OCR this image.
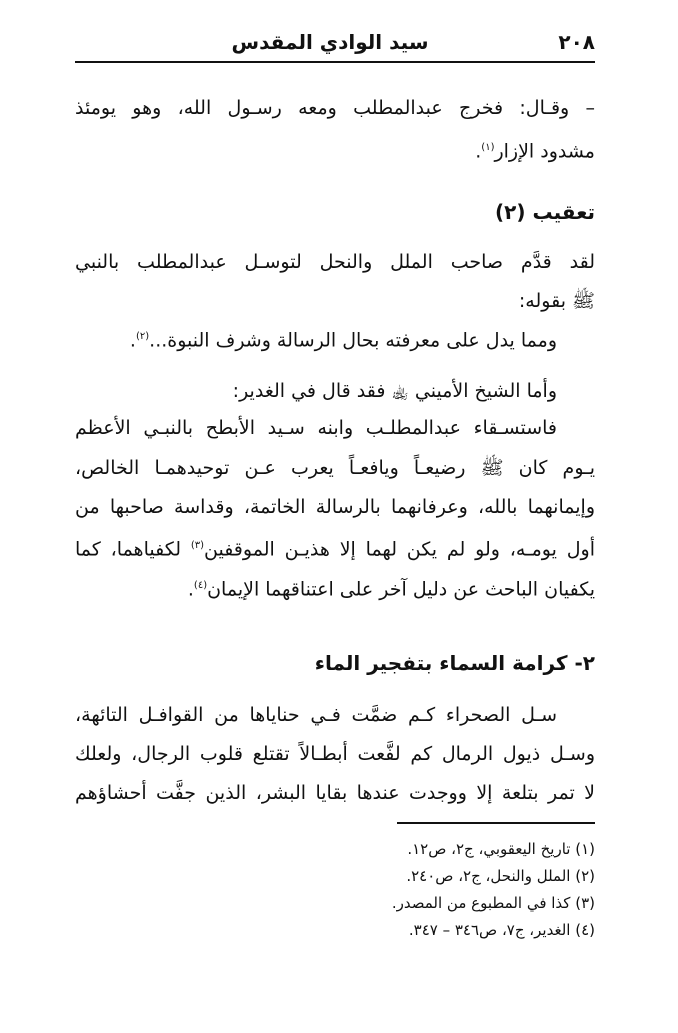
٢٠٨
سيد الوادي المقدس
– وقـال: فخرج عبدالمطلب ومعه رسـول الله، وهو يومئذ
مشدود الإزار$^{(١)}$.
تعقيب (٢)
لقد قدَّم صاحب الملل والنحل لتوسـل عبدالمطلب بالنبي
ﷺ بقوله:
ومما يدل على معرفته بحال الرسالة وشرف النبوة...$^{(٢)}$.
وأما الشيخ الأميني ﵀ فقد قال في الغدير:
فاستسـقاء عبدالمطلـب وابنه سـيد الأبطح بالنبـي الأعظم
يـوم كان ﷺ رضيعـاً ويافعـاً يعرب عـن توحيدهمـا الخالص،
وإيمانهما بالله، وعرفانهما بالرسالة الخاتمة، وقداسة صاحبها من
أول يومـه، ولو لم يكن لهما إلا هذيـن الموقفين$^{(٣)}$ لكفياهما، كما
يكفيان الباحث عن دليل آخر على اعتناقهما الإيمان$^{(٤)}$.
٢- كرامة السماء بتفجير الماء
سـل الصحراء كـم ضمَّت فـي حناياها من القوافـل التائهة،
وسـل ذيول الرمال كم لفَّعت أبطـالاً تقتلع قلوب الرجال، ولعلك
لا تمر بتلعة إلا ووجدت عندها بقايا البشر، الذين جفَّت أحشاؤهم
(١) تاريخ اليعقوبي، ج٢، ص١٢.
(٢) الملل والنحل، ج٢، ص٢٤٠.
(٣) كذا في المطبوع من المصدر.
(٤) الغدير، ج٧، ص٣٤٦ – ٣٤٧.
